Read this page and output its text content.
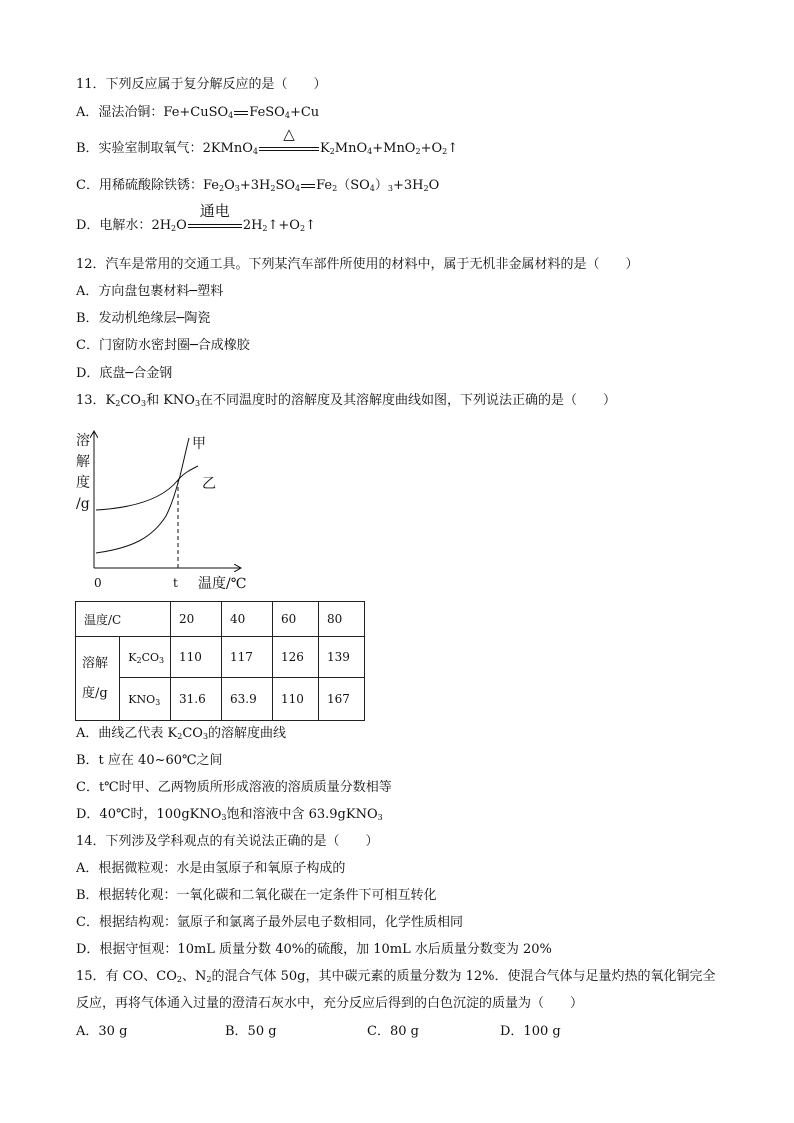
11．下列反应属于复分解反应的是（　　）
A．湿法冶铜：Fe+CuSO$_4$ FeSO$_4$+Cu
B．实验室制取氧气：2KMnO$_4$
△
$K_2MnO_4+MnO_2+O_2↑$
C．用稀硫酸除铁锈：$Fe_2O_3+3H_2SO_4$ $Fe_2(SO_4)_3+3H_2O$
D．电解水：$2H_2O$
通电
$2H_2↑+O_2↑$
12．汽车是常用的交通工具。下列某汽车部件所使用的材料中，属于无机非金属材料的是（　　）
A．方向盘包裹材料─塑料
B．发动机绝缘层─陶瓷
C．门窗防水密封圈─合成橡胶
D．底盘─合金钢
13．$K_2CO_3$和 $KNO_3$在不同温度时的溶解度及其溶解度曲线如图，下列说法正确的是（　　）
溶
解
度
/g
甲
乙
0	t 温度/℃
温度/C		20	40	60	80
溶解
度/g	$K_2CO_3$	110	117	126	139
	$KNO_3$	31.6	63.9	110	167
A．曲线乙代表 $K_2CO_3$的溶解度曲线
B．t 应在 40~60℃之间
C．t℃时甲、乙两物质所形成溶液的溶质质量分数相等
D．40℃时，100gKNO$_3$饱和溶液中含 63.9gKNO$_3$
14．下列涉及学科观点的有关说法正确的是（　　）
A．根据微粒观：水是由氢原子和氧原子构成的
B．根据转化观：一氧化碳和二氧化碳在一定条件下可相互转化
C．根据结构观：氩原子和氯离子最外层电子数相同，化学性质相同
D．根据守恒观：10mL 质量分数 40%的硫酸，加 10mL 水后质量分数变为 20%
15．有 CO、$CO_2$、$N_2$的混合气体 50g，其中碳元素的质量分数为 12%．使混合气体与足量灼热的氧化铜完全
反应，再将气体通入过量的澄清石灰水中，充分反应后得到的白色沉淀的质量为（　　）
A．30 g	B．50 g	C．80 g	D．100 g
